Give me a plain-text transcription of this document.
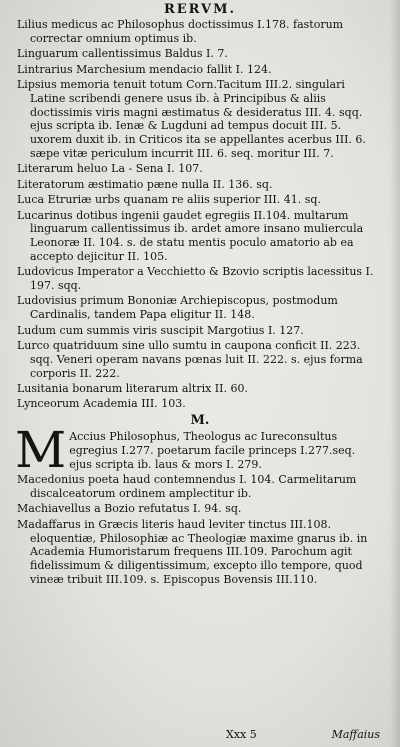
RERVM.
Lilius medicus ac Philosophus doctissimus I.178. fastorum correctar omnium optimus ib.
Linguarum callentissimus Baldus I. 7.
Lintrarius Marchesium mendacio fallit I. 124.
Lipsius memoria tenuit totum Corn.Tacitum III.2. singulari Latine scribendi genere usus ib. à Principibus & aliis doctissimis viris magni æstimatus & desideratus III. 4. sqq. ejus scripta ib. Ienæ & Lugduni ad tempus docuit III. 5. uxorem duxit ib. in Criticos ita se appellantes acerbus III. 6. sæpe vitæ periculum incurrit III. 6. seq. moritur III. 7.
Literarum heluo La - Sena I. 107.
Literatorum æstimatio pæne nulla II. 136. sq.
Luca Etruriæ urbs quanam re aliis superior III. 41. sq.
Lucarinus dotibus ingenii gaudet egregiis II.104. multarum linguarum callentissimus ib. ardet amore insano muliercula Leonoræ II. 104. s. de statu mentis poculo amatorio ab ea accepto dejicitur II. 105.
Ludovicus Imperator a Vecchietto & Bzovio scriptis lacessitus I. 197. sqq.
Ludovisius primum Bononiæ Archiepiscopus, postmodum Cardinalis, tandem Papa eligitur II. 148.
Ludum cum summis viris suscipit Margotius I. 127.
Lurco quatriduum sine ullo sumtu in caupona conficit II. 223. sqq. Veneri operam navans pœnas luit II. 222. s. ejus forma corporis II. 222.
Lusitania bonarum literarum altrix II. 60.
Lynceorum Academia III. 103.
M.
M Accius Philosophus, Theologus ac Iureconsultus egregius I.277. poetarum facile princeps I.277.seq. ejus scripta ib. laus & mors I. 279.
Macedonius poeta haud contemnendus I. 104. Carmelitarum discalceatorum ordinem amplectitur ib.
Machiavellus a Bozio refutatus I. 94. sq.
Madaffarus in Græcis literis haud leviter tinctus III.108. eloquentiæ, Philosophiæ ac Theologiæ maxime gnarus ib. in Academia Humoristarum frequens III.109. Parochum agit fidelissimum & diligentissimum, excepto illo tempore, quod vineæ tribuit III.109. s. Episcopus Bovensis III.110.
Xxx 5	Maffaius
